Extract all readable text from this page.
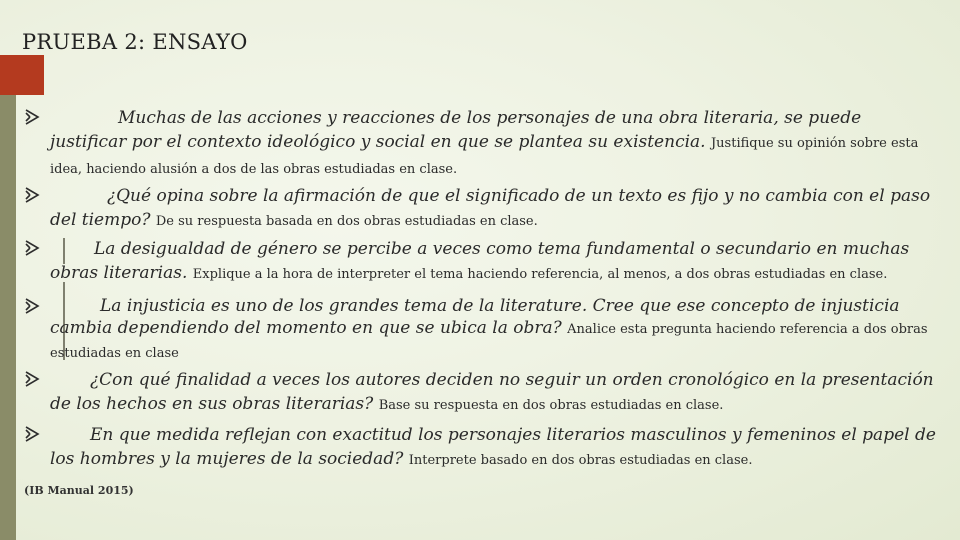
PRUEBA 2: ENSAYO
Muchas de las acciones y reacciones de los personajes de una obra literaria, se puede justificar por el contexto ideológico y social en que se plantea su existencia. Justifique su opinión sobre esta idea, haciendo alusión a dos de las obras estudiadas en clase.
¿Qué opina sobre la afirmación de que el significado de un texto es fijo y no cambia con el paso del tiempo? De su respuesta basada en dos obras estudiadas en clase.
La desigualdad de género se percibe a veces como tema fundamental o secundario en muchas obras literarias. Explique a la hora de interpreter el tema haciendo referencia, al menos, a dos obras estudiadas en clase.
La injusticia es uno de los grandes tema de la literature. Cree que ese concepto de injusticia cambia dependiendo del momento en que se ubica la obra? Analice esta pregunta haciendo referencia a dos obras estudiadas en clase
¿Con qué finalidad a veces los autores deciden no seguir un orden cronológico en la presentación de los hechos en sus obras literarias? Base su respuesta en dos obras estudiadas en clase.
En que medida reflejan con exactitud los personajes literarios masculinos y femeninos el papel de los hombres y la mujeres de la sociedad? Interprete basado en dos obras estudiadas en clase.
(IB Manual 2015)
